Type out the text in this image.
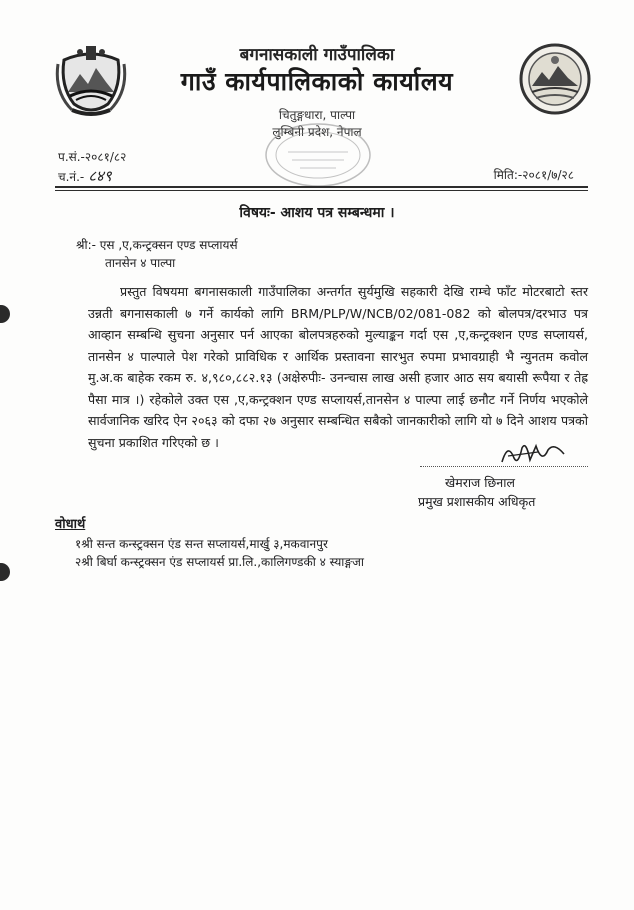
बगनासकाली गाउँपालिका
गाउँ कार्यपालिकाको कार्यालय
चितुङ्गधारा, पाल्पा
लुम्बिनी प्रदेश, नेपाल
प.सं.-२०८१/८२
च.नं.- ८४९	मिति:-२०८१/७/२८
विषयः- आशय पत्र सम्बन्धमा ।
श्री:- एस ,ए,कन्ट्रक्सन एण्ड सप्लायर्स
तानसेन ४ पाल्पा
प्रस्तुत विषयमा बगनासकाली गाउँपालिका अन्तर्गत सुर्यमुखि सहकारी देखि राम्चे फाँट मोटरबाटो स्तर उन्नती बगनासकाली ७ गर्ने कार्यको लागि BRM/PLP/W/NCB/02/081-082 को बोलपत्र/दरभाउ पत्र आव्हान सम्बन्धि सुचना अनुसार पर्न आएका बोलपत्रहरुको मुल्याङ्कन गर्दा एस ,ए,कन्ट्रक्शन एण्ड सप्लायर्स, तानसेन ४ पाल्पाले पेश गरेको प्राविधिक र आर्थिक प्रस्तावना सारभुत रुपमा प्रभावग्राही भै न्युनतम कवोल मु.अ.क बाहेक रकम रु. ४,९८०,८८२.१३ (अक्षेरुपीः- उनन्चास लाख असी हजार आठ सय बयासी रूपैया र तेह्र पैसा मात्र ।) रहेकोले उक्त एस ,ए,कन्ट्रक्शन एण्ड सप्लायर्स,तानसेन ४ पाल्पा लाई छनौट गर्ने निर्णय भएकोले सार्वजानिक खरिद ऐन २०६३ को दफा २७ अनुसार सम्बन्धित सबैको जानकारीको लागि यो ७ दिने आशय पत्रको सुचना प्रकाशित गरिएको छ ।
खेमराज छिनाल
प्रमुख प्रशासकीय अधिकृत
वोधार्थ
१श्री सन्त कन्स्ट्रक्सन एंड सन्त सप्लायर्स,मार्खु ३,मकवानपुर
२श्री बिर्घा कन्स्ट्रक्सन एंड सप्लायर्स प्रा.लि.,कालिगण्डकी ४ स्याङ्गजा
